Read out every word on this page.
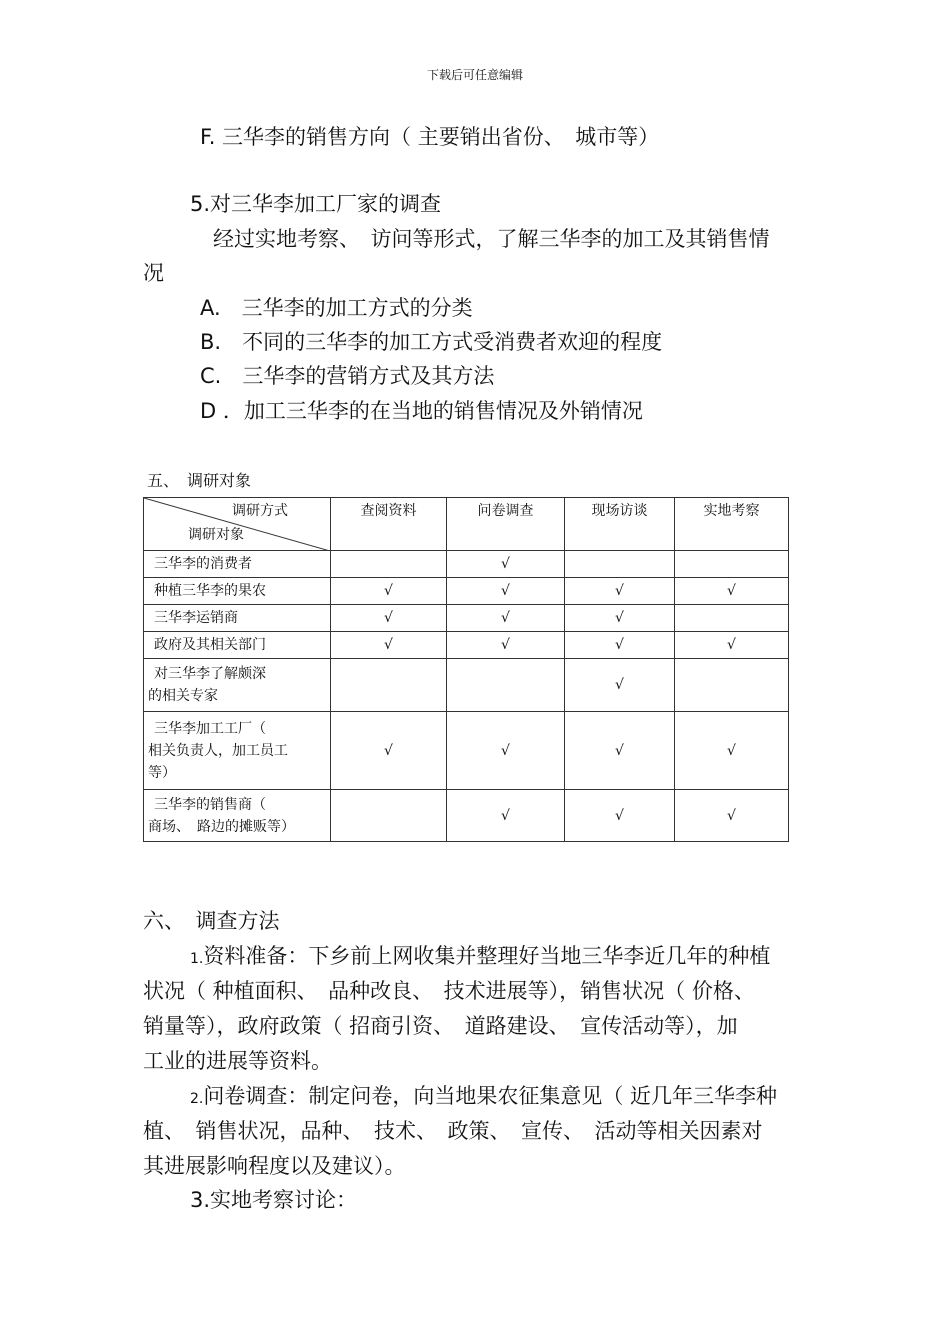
下载后可任意编辑
F. 三华李的销售方向（ 主要销出省份、　城市等）
5.对三华李加工厂家的调查
经过实地考察、　访问等形式，了解三华李的加工及其销售情
况
A.　三华李的加工方式的分类
B.　不同的三华李的加工方式受消费者欢迎的程度
C.　三华李的营销方式及其方法
D ．加工三华李的在当地的销售情况及外销情况
五、　调研对象
调研方式
调研对象	查阅资料	问卷调查	现场访谈	实地考察

三华李的消费者		√		

种植三华李的果农	√	√	√	√

三华李运销商	√	√	√	

政府及其相关部门	√	√	√	√

对三华李了解颇深
的相关专家			√	

三华李加工工厂（
相关负责人，加工员工
等）	√	√	√	√

三华李的销售商（
商场、　路边的摊贩等）		√	√	√
六、　调查方法
1.资料准备：下乡前上网收集并整理好当地三华李近几年的种植
状况（ 种植面积、　品种改良、　技术进展等），销售状况（ 价格、
销量等），政府政策（ 招商引资、　道路建设、　宣传活动等），加
工业的进展等资料。
2.问卷调查：制定问卷，向当地果农征集意见（ 近几年三华李种
植、　销售状况，品种、　技术、　政策、　宣传、　活动等相关因素对
其进展影响程度以及建议）。
3.实地考察讨论：
